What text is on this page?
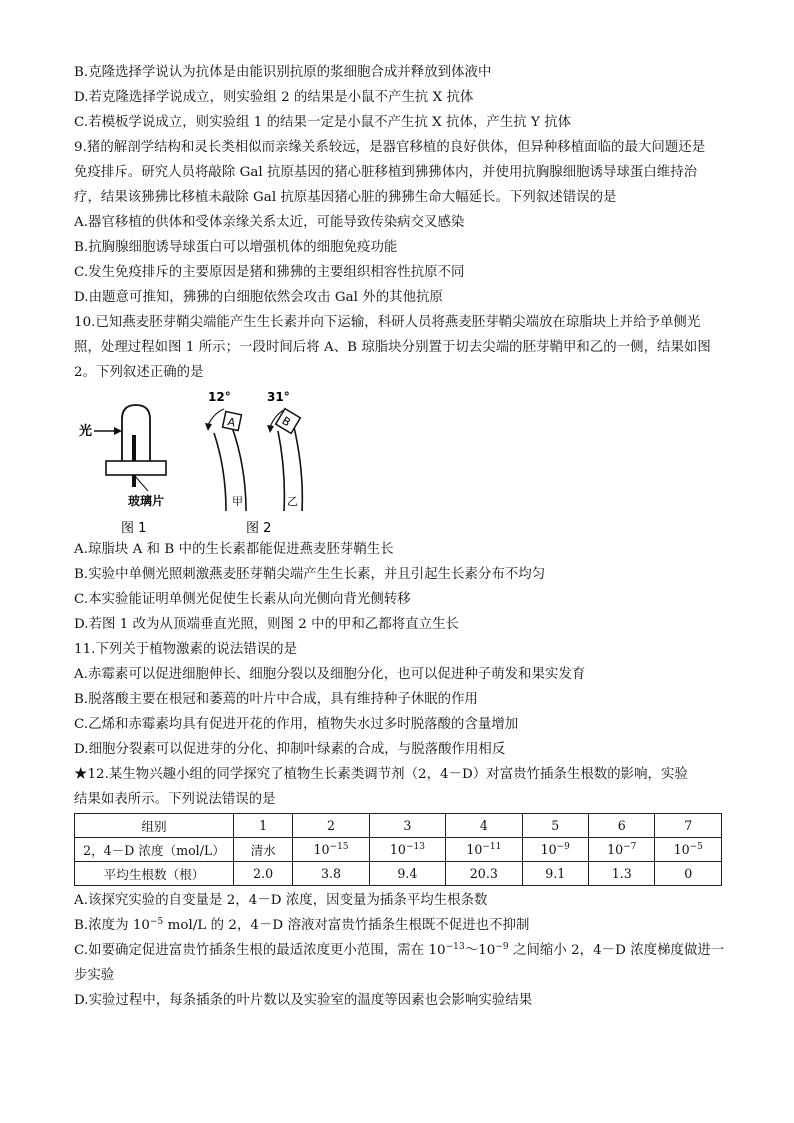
B.克隆选择学说认为抗体是由能识别抗原的浆细胞合成并释放到体液中
D.若克隆选择学说成立，则实验组 2 的结果是小鼠不产生抗 X 抗体
C.若模板学说成立，则实验组 1 的结果一定是小鼠不产生抗 X 抗体，产生抗 Y 抗体
9.猪的解剖学结构和灵长类相似而亲缘关系较远，是器官移植的良好供体，但异种移植面临的最大问题还是
免疫排斥。研究人员将敲除 Gal 抗原基因的猪心脏移植到狒狒体内，并使用抗胸腺细胞诱导球蛋白维持治
疗，结果该狒狒比移植未敲除 Gal 抗原基因猪心脏的狒狒生命大幅延长。下列叙述错误的是
A.器官移植的供体和受体亲缘关系太近，可能导致传染病交叉感染
B.抗胸腺细胞诱导球蛋白可以增强机体的细胞免疫功能
C.发生免疫排斥的主要原因是猪和狒狒的主要组织相容性抗原不同
D.由题意可推知，狒狒的白细胞依然会攻击 Gal 外的其他抗原
10.已知燕麦胚芽鞘尖端能产生生长素并向下运输，科研人员将燕麦胚芽鞘尖端放在琼脂块上并给予单侧光
照，处理过程如图 1 所示；一段时间后将 A、B 琼脂块分别置于切去尖端的胚芽鞘甲和乙的一侧，结果如图
2。下列叙述正确的是
光
玻璃片
图 1
12°
A
甲
31°
B
乙
图 2
A.琼脂块 A 和 B 中的生长素都能促进燕麦胚芽鞘生长
B.实验中单侧光照刺激燕麦胚芽鞘尖端产生生长素，并且引起生长素分布不均匀
C.本实验能证明单侧光促使生长素从向光侧向背光侧转移
D.若图 1 改为从顶端垂直光照，则图 2 中的甲和乙都将直立生长
11.下列关于植物激素的说法错误的是
A.赤霉素可以促进细胞伸长、细胞分裂以及细胞分化，也可以促进种子萌发和果实发育
B.脱落酸主要在根冠和萎蔫的叶片中合成，具有维持种子休眠的作用
C.乙烯和赤霉素均具有促进开花的作用，植物失水过多时脱落酸的含量增加
D.细胞分裂素可以促进芽的分化、抑制叶绿素的合成，与脱落酸作用相反
★12.某生物兴趣小组的同学探究了植物生长素类调节剂（2，4－D）对富贵竹插条生根数的影响，实验
结果如表所示。下列说法错误的是
组别	1	2	3	4	5	6	7
2，4－D 浓度（mol/L）	清水	$10^{-15}$	$10^{-13}$	$10^{-11}$	$10^{-9}$	$10^{-7}$	$10^{-5}$
平均生根数（根）	2.0	3.8	9.4	20.3	9.1	1.3	0
A.该探究实验的自变量是 2，4－D 浓度，因变量为插条平均生根条数
B.浓度为 $10^{-5}$ mol/L 的 2，4－D 溶液对富贵竹插条生根既不促进也不抑制
C.如要确定促进富贵竹插条生根的最适浓度更小范围，需在 $10^{-13}\sim 10^{-9}$ 之间缩小 2，4－D 浓度梯度做进一
步实验
D.实验过程中，每条插条的叶片数以及实验室的温度等因素也会影响实验结果
